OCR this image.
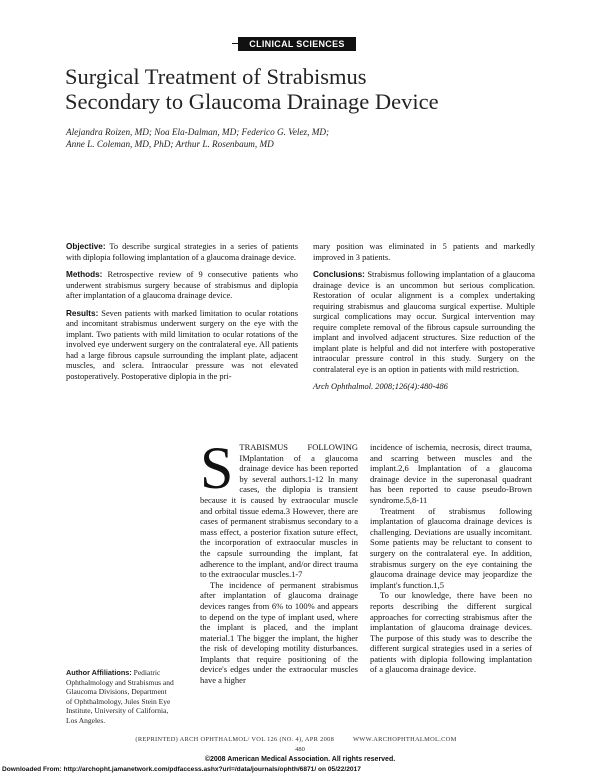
CLINICAL SCIENCES
Surgical Treatment of Strabismus
Secondary to Glaucoma Drainage Device
Alejandra Roizen, MD; Noa Ela-Dalman, MD; Federico G. Velez, MD;
Anne L. Coleman, MD, PhD; Arthur L. Rosenbaum, MD

Objective: To describe surgical strategies in a series of patients with diplopia following implantation of a glaucoma drainage device.

Methods: Retrospective review of 9 consecutive patients who underwent strabismus surgery because of strabismus and diplopia after implantation of a glaucoma drainage device.

Results: Seven patients with marked limitation to ocular rotations and incomitant strabismus underwent surgery on the eye with the implant. Two patients with mild limitation to ocular rotations of the involved eye underwent surgery on the contralateral eye. All patients had a large fibrous capsule surrounding the implant plate, adjacent muscles, and sclera. Intraocular pressure was not elevated postoperatively. Postoperative diplopia in the pri-

mary position was eliminated in 5 patients and markedly improved in 3 patients.

Conclusions: Strabismus following implantation of a glaucoma drainage device is an uncommon but serious complication. Restoration of ocular alignment is a complex undertaking requiring strabismus and glaucoma surgical expertise. Multiple surgical complications may occur. Surgical intervention may require complete removal of the fibrous capsule surrounding the implant and involved adjacent structures. Size reduction of the implant plate is helpful and did not interfere with postoperative intraocular pressure control in this study. Surgery on the contralateral eye is an option in patients with mild restriction.

Arch Ophthalmol. 2008;126(4):480-486

S TRABISMUS FOLLOWING IMplantation of a glaucoma drainage device has been reported by several authors.1-12 In many cases, the diplopia is transient because it is caused by extraocular muscle and orbital tissue edema.3 However, there are cases of permanent strabismus secondary to a mass effect, a posterior fixation suture effect, the incorporation of extraocular muscles in the capsule surrounding the implant, fat adherence to the implant, and/or direct trauma to the extraocular muscles.1-7

The incidence of permanent strabismus after implantation of glaucoma drainage devices ranges from 6% to 100% and appears to depend on the type of implant used, where the implant is placed, and the implant material.1 The bigger the implant, the higher the risk of developing motility disturbances. Implants that require positioning of the device's edges under the extraocular muscles have a higher

incidence of ischemia, necrosis, direct trauma, and scarring between muscles and the implant.2,6 Implantation of a glaucoma drainage device in the superonasal quadrant has been reported to cause pseudo-Brown syndrome.5,8-11

Treatment of strabismus following implantation of glaucoma drainage devices is challenging. Deviations are usually incomitant. Some patients may be reluctant to consent to surgery on the contralateral eye. In addition, strabismus surgery on the eye containing the glaucoma drainage device may jeopardize the implant's function.1,5

To our knowledge, there have been no reports describing the different surgical approaches for correcting strabismus after the implantation of glaucoma drainage devices. The purpose of this study was to describe the different surgical strategies used in a series of patients with diplopia following implantation of a glaucoma drainage device.

Author Affiliations: Pediatric Ophthalmology and Strabismus and Glaucoma Divisions, Department of Ophthalmology, Jules Stein Eye Institute, University of California, Los Angeles.
(REPRINTED) ARCH OPHTHALMOL/ VOL 126 (NO. 4), APR 2008          WWW.ARCHOPHTHALMOL.COM
480
©2008 American Medical Association. All rights reserved.
Downloaded From: http://archopht.jamanetwork.com/pdfaccess.ashx?url=/data/journals/ophth/6871/ on 05/22/2017
